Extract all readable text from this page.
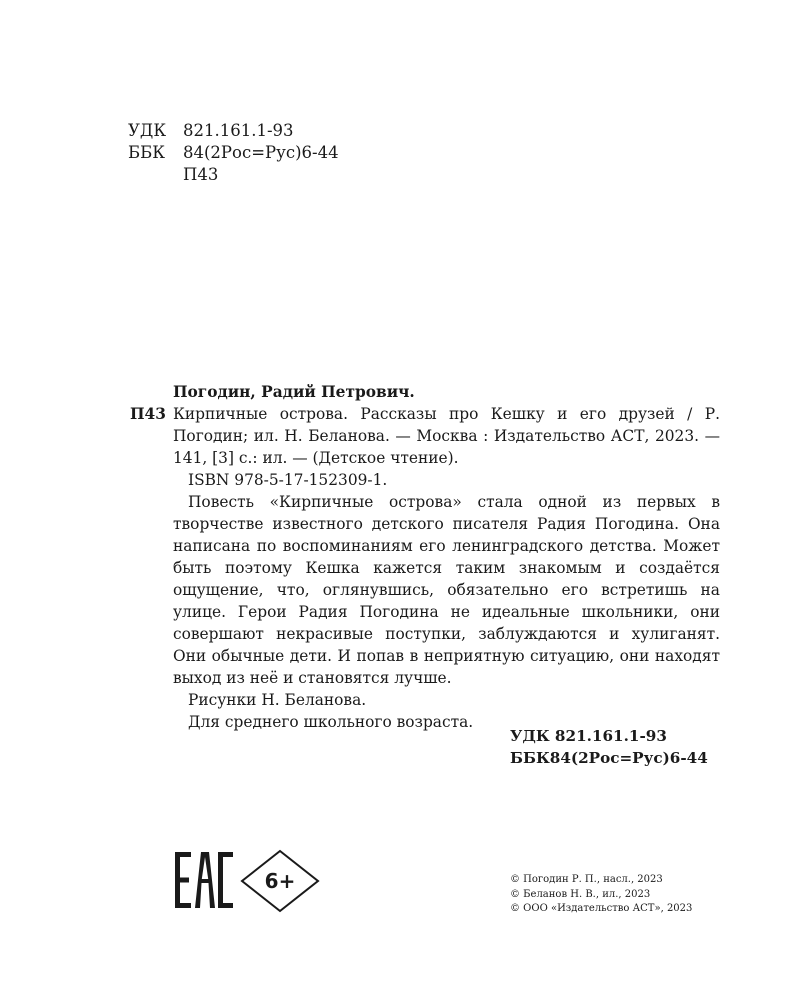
УДК	821.161.1-93
ББК	84(2Рос=Рус)6-44
П43
Погодин, Радий Петрович.
П43 Кирпичные острова. Рассказы про Кешку и его друзей / Р. Погодин; ил. Н. Беланова. — Москва : Издательство АСТ, 2023. — 141, [3] с.: ил. — (Детское чтение).
ISBN 978-5-17-152309-1.

Повесть «Кирпичные острова» стала одной из первых в творчестве известного детского писателя Радия Погодина. Она написана по воспоминаниям его ленинградского детства. Может быть поэтому Кешка кажется таким знакомым и создаётся ощущение, что, оглянувшись, обязательно его встретишь на улице. Герои Радия Погодина не идеальные школьники, они совершают некрасивые поступки, заблуждаются и хулиганят. Они обычные дети. И попав в неприятную ситуацию, они находят выход из неё и становятся лучше.

Рисунки Н. Беланова.

Для среднего школьного возраста.

УДК 821.161.1-93
ББК84(2Рос=Рус)6-44
6+	© Погодин Р. П., насл., 2023
© Беланов Н. В., ил., 2023
© ООО «Издательство АСТ», 2023
